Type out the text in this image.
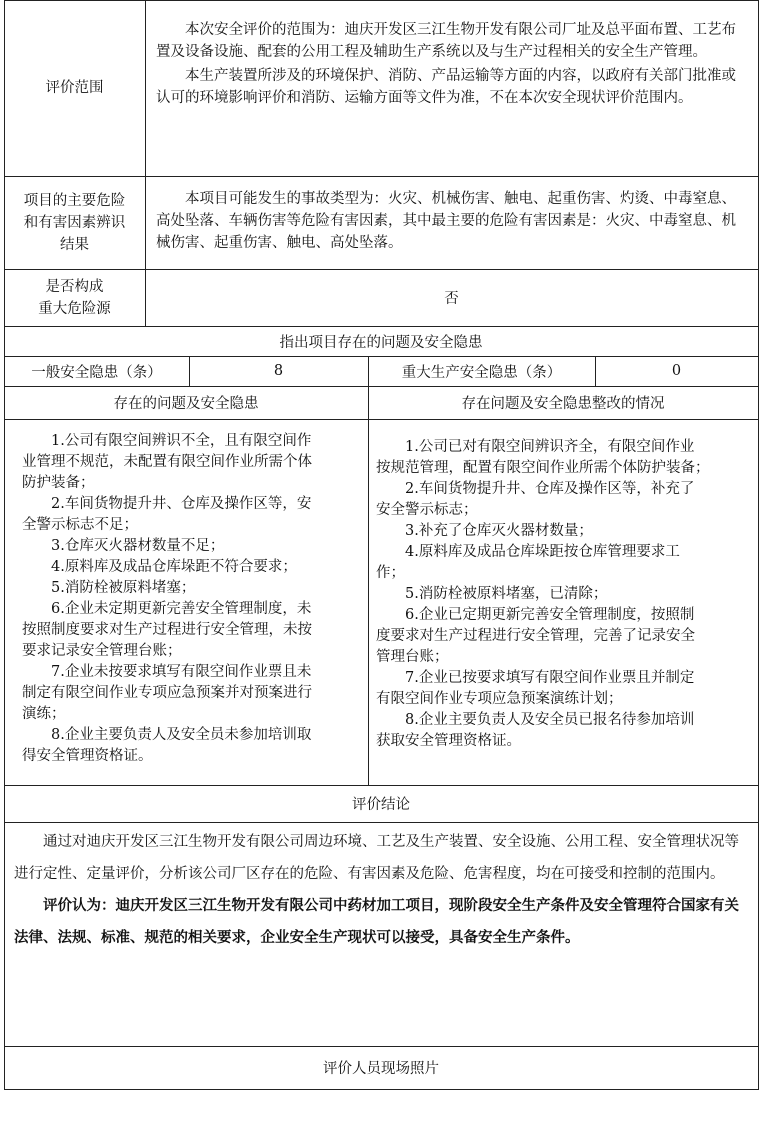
评价范围

本次安全评价的范围为：迪庆开发区三江生物开发有限公司厂址及总平面布置、工艺布置及设备设施、配套的公用工程及辅助生产系统以及与生产过程相关的安全生产管理。

本生产装置所涉及的环境保护、消防、产品运输等方面的内容，以政府有关部门批准或认可的环境影响评价和消防、运输方面等文件为准，不在本次安全现状评价范围内。

项目的主要危险
和有害因素辨识
结果

本项目可能发生的事故类型为：火灾、机械伤害、触电、起重伤害、灼烫、中毒窒息、高处坠落、车辆伤害等危险有害因素，其中最主要的危险有害因素是：火灾、中毒窒息、机械伤害、起重伤害、触电、高处坠落。

是否构成
重大危险源
否
指出项目存在的问题及安全隐患
一般安全隐患（条）	8	重大生产安全隐患（条）	0
存在的问题及安全隐患	存在问题及安全隐患整改的情况
1.公司有限空间辨识不全，且有限空间作
业管理不规范，未配置有限空间作业所需个体
防护装备；
2.车间货物提升井、仓库及操作区等，安
全警示标志不足；
3.仓库灭火器材数量不足；
4.原料库及成品仓库垛距不符合要求；
5.消防栓被原料堵塞；
6.企业未定期更新完善安全管理制度，未
按照制度要求对生产过程进行安全管理，未按
要求记录安全管理台账；
7.企业未按要求填写有限空间作业票且未
制定有限空间作业专项应急预案并对预案进行
演练；
8.企业主要负责人及安全员未参加培训取
得安全管理资格证。
1.公司已对有限空间辨识齐全，有限空间作业
按规范管理，配置有限空间作业所需个体防护装备；
2.车间货物提升井、仓库及操作区等，补充了
安全警示标志；
3.补充了仓库灭火器材数量；
4.原料库及成品仓库垛距按仓库管理要求工
作；
5.消防栓被原料堵塞，已清除；
6.企业已定期更新完善安全管理制度，按照制
度要求对生产过程进行安全管理，完善了记录安全
管理台账；
7.企业已按要求填写有限空间作业票且并制定
有限空间作业专项应急预案演练计划；
8.企业主要负责人及安全员已报名待参加培训
获取安全管理资格证。
评价结论

通过对迪庆开发区三江生物开发有限公司周边环境、工艺及生产装置、安全设施、公用工程、安全管理状况等进行定性、定量评价，分析该公司厂区存在的危险、有害因素及危险、危害程度，均在可接受和控制的范围内。

评价认为：迪庆开发区三江生物开发有限公司中药材加工项目，现阶段安全生产条件及安全管理符合国家有关法律、法规、标准、规范的相关要求，企业安全生产现状可以接受，具备安全生产条件。

评价人员现场照片
